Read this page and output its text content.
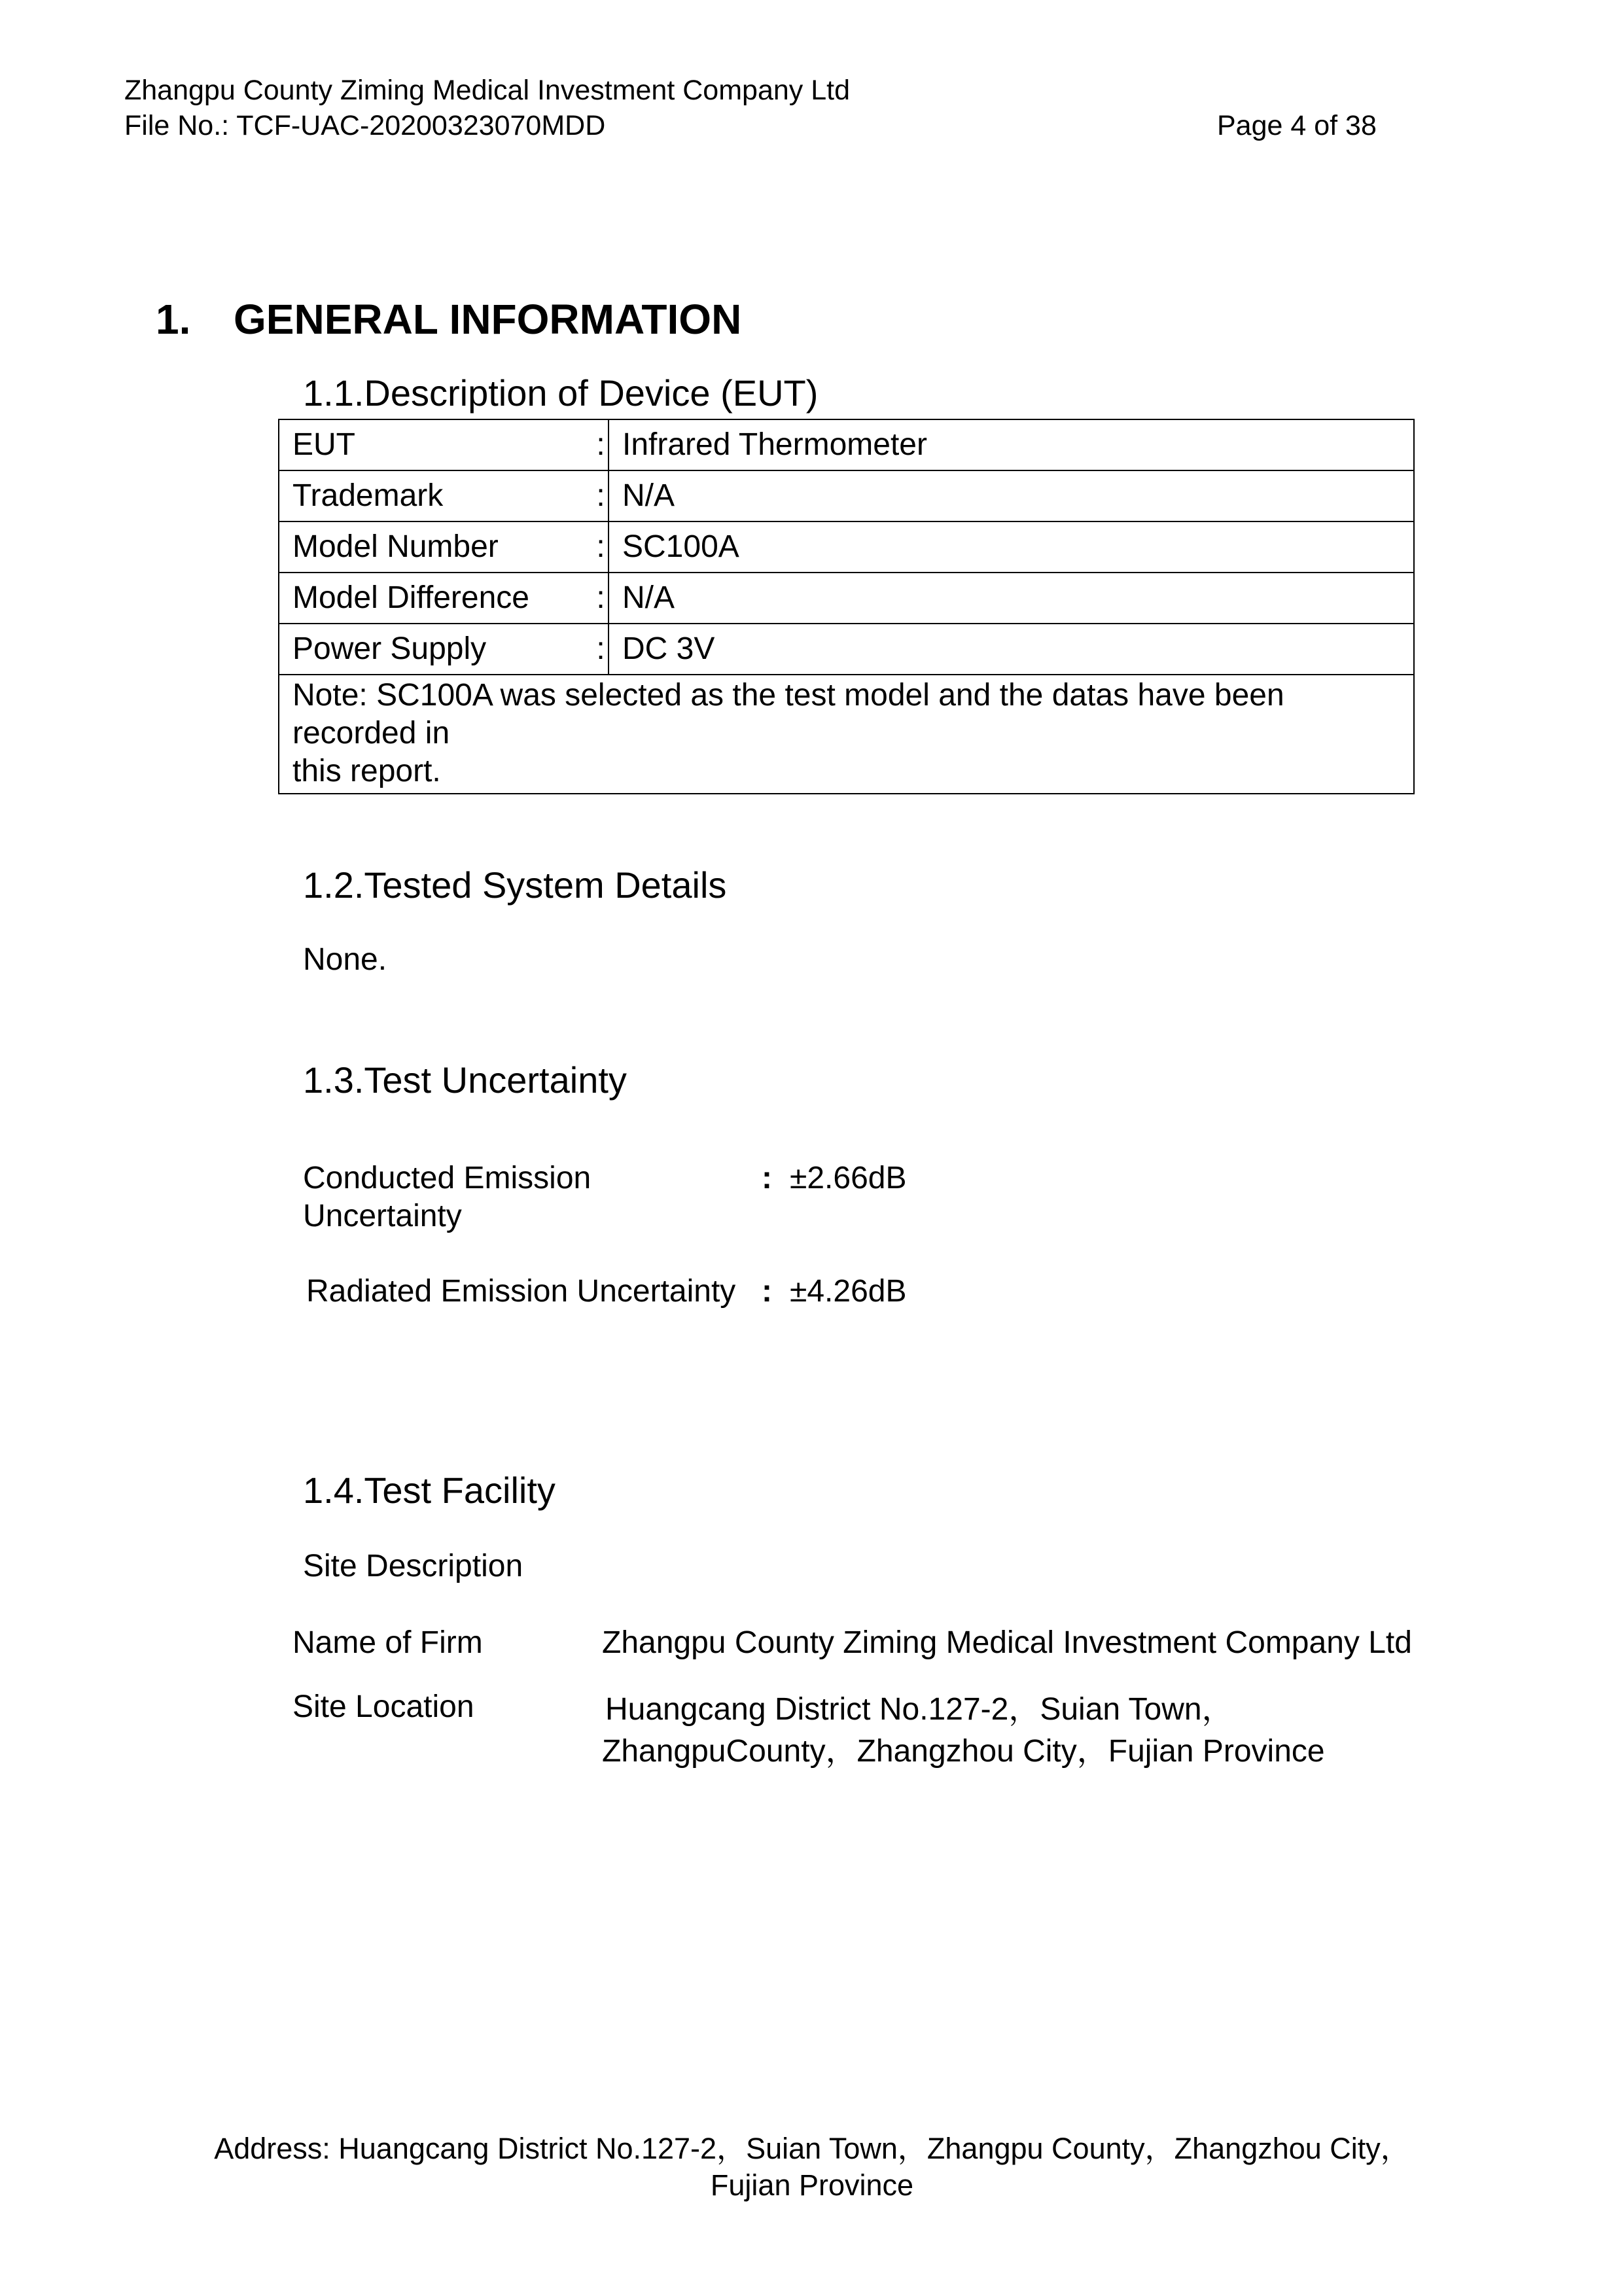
Zhangpu County Ziming Medical Investment Company Ltd
File No.: TCF-UAC-20200323070MDD	Page 4 of 38
1. GENERAL INFORMATION
1.1.Description of Device (EUT)
EUT	:	Infrared Thermometer
Trademark	:	N/A
Model Number	:	SC100A
Model Difference	:	N/A
Power Supply	:	DC 3V

Note: SC100A was selected as the test model and the datas have been
recorded in
this report.		
1.2.Tested System Details
None.
1.3.Test Uncertainty
Conducted Emission
Uncertainty
: ±2.66dB
Radiated Emission Uncertainty : ±4.26dB
1.4.Test Facility
Site Description
Name of Firm	Zhangpu County Ziming Medical Investment Company Ltd
Site Location	Huangcang District No.127-2，Suian Town，
ZhangpuCounty，Zhangzhou City，Fujian Province
Address: Huangcang District No.127-2，Suian Town，Zhangpu County，Zhangzhou City，
Fujian Province
